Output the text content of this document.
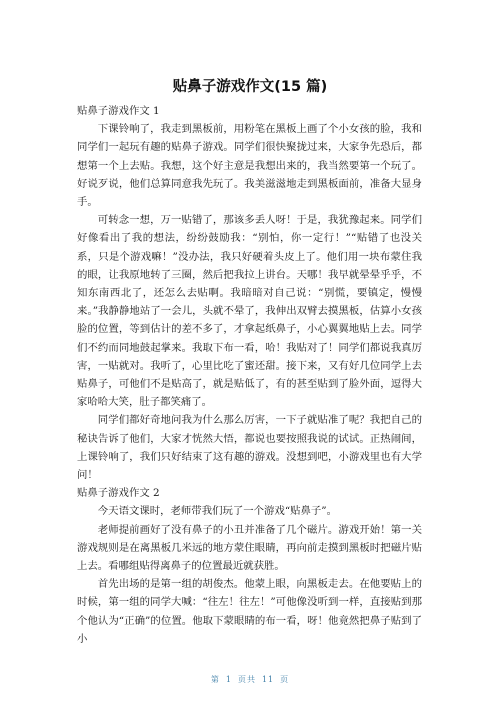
贴鼻子游戏作文(15 篇)

贴鼻子游戏作文 1

下课铃响了，我走到黑板前，用粉笔在黑板上画了个小女孩的脸，我和同学们一起玩有趣的贴鼻子游戏。同学们很快聚拢过来，大家争先恐后，都想第一个上去贴。我想，这个好主意是我想出来的，我当然要第一个玩了。好说歹说，他们总算同意我先玩了。我美滋滋地走到黑板面前，准备大显身手。

可转念一想，万一贴错了，那该多丢人呀！于是，我犹豫起来。同学们好像看出了我的想法，纷纷鼓励我：“别怕，你一定行！”“贴错了也没关系，只是个游戏嘛！”没办法，我只好硬着头皮上了。他们用一块布蒙住我的眼，让我原地转了三圈，然后把我拉上讲台。天哪！我早就晕晕乎乎，不知东南西北了，还怎么去贴啊。我暗暗对自己说：“别慌，要镇定，慢慢来。”我静静地站了一会儿，头就不晕了，我伸出双臂去摸黑板，估算小女孩脸的位置，等到估计的差不多了，才拿起纸鼻子，小心翼翼地贴上去。同学们不约而同地鼓起掌来。我取下布一看，哈！我贴对了！同学们都说我真厉害，一贴就对。我听了，心里比吃了蜜还甜。接下来，又有好几位同学上去贴鼻子，可他们不是贴高了，就是贴低了，有的甚至贴到了脸外面，逗得大家哈哈大笑，肚子都笑痛了。

同学们都好奇地问我为什么那么厉害，一下子就贴准了呢？我把自己的秘诀告诉了他们，大家才恍然大悟，都说也要按照我说的试试。正热闹间，上课铃响了，我们只好结束了这有趣的游戏。没想到吧，小游戏里也有大学问！

贴鼻子游戏作文 2

今天语文课时，老师带我们玩了一个游戏“贴鼻子”。

老师提前画好了没有鼻子的小丑并准备了几个磁片。游戏开始！第一关游戏规则是在离黑板几米远的地方蒙住眼睛，再向前走摸到黑板时把磁片贴上去。看哪组贴得离鼻子的位置最近就获胜。

首先出场的是第一组的胡俊杰。他蒙上眼，向黑板走去。在他要贴上的时候，第一组的同学大喊：“往左！往左！”可他像没听到一样，直接贴到那个他认为“正确”的位置。他取下蒙眼睛的布一看，呀！他竟然把鼻子贴到了小

第 1 页共 11 页
